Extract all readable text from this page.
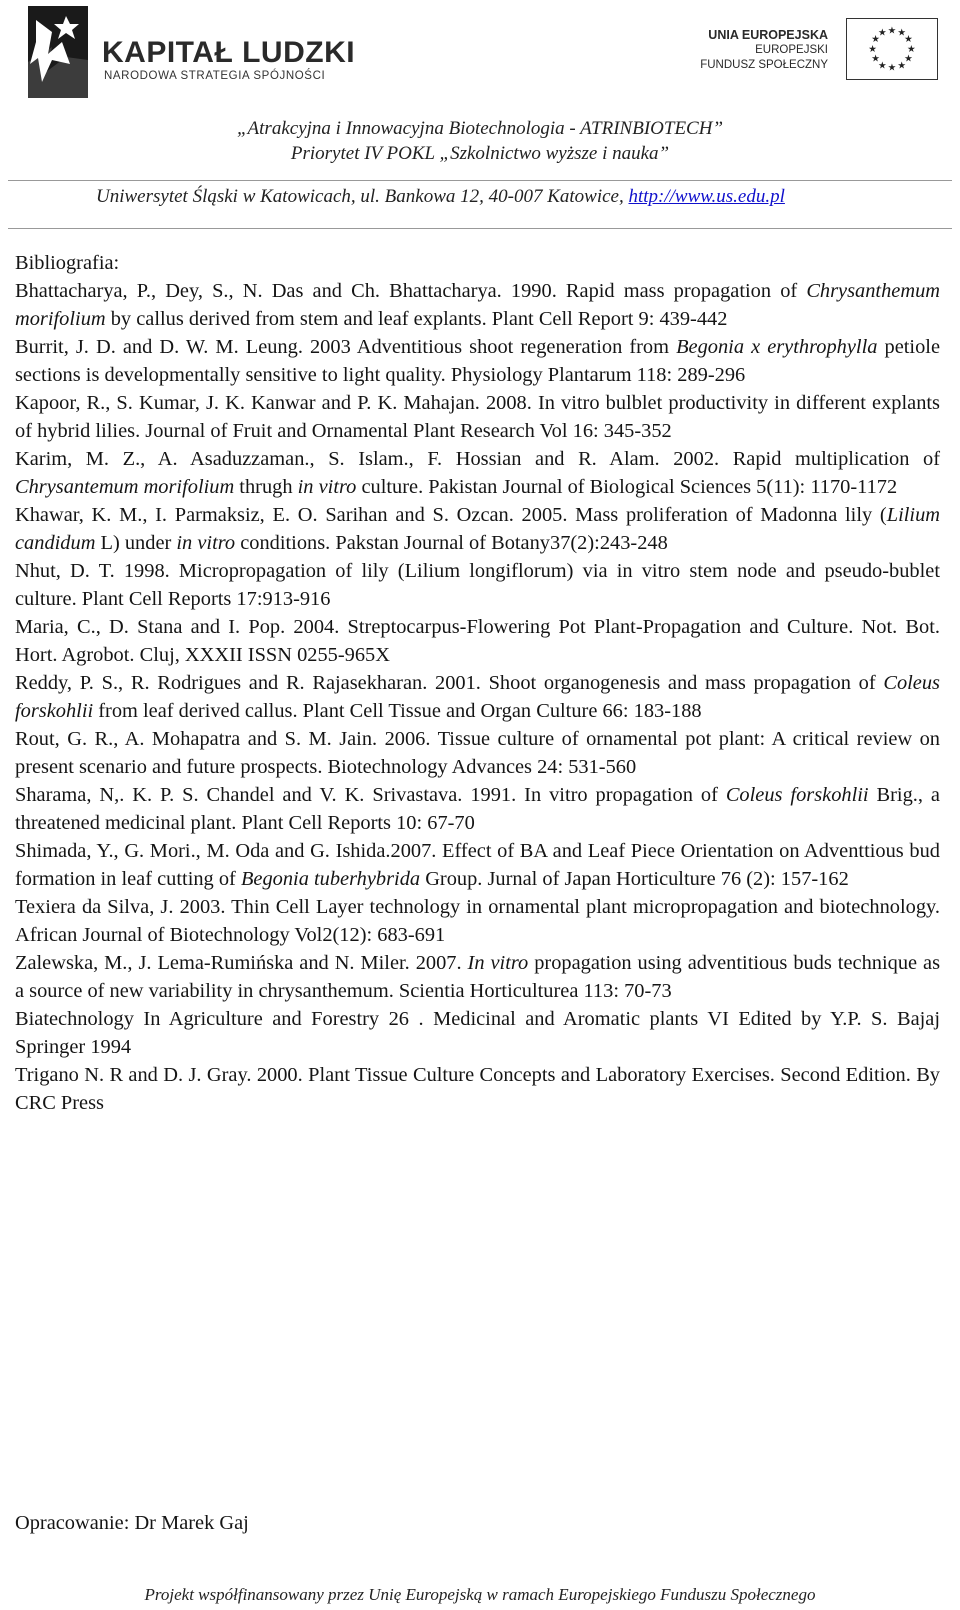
KAPITAŁ LUDZKI
NARODOWA STRATEGIA SPÓJNOŚCI
UNIA EUROPEJSKA
EUROPEJSKI
FUNDUSZ SPOŁECZNY
★ ★
★
★
★
★
★
★
★
★
★
★
„Atrakcyjna i Innowacyjna Biotechnologia - ATRINBIOTECH”
Priorytet IV POKL „Szkolnictwo wyższe i nauka”
Uniwersytet Śląski w Katowicach, ul. Bankowa 12, 40-007 Katowice, http://www.us.edu.pl
Bibliografia:

Bhattacharya, P., Dey, S., N. Das and Ch. Bhattacharya. 1990. Rapid mass propagation of Chrysanthemum morifolium by callus derived from stem and leaf explants. Plant Cell Report 9: 439-442

Burrit, J. D. and D. W. M. Leung. 2003 Adventitious shoot regeneration from Begonia x erythrophylla petiole sections is developmentally sensitive to light quality. Physiology Plantarum 118: 289-296

Kapoor, R., S. Kumar, J. K. Kanwar and P. K. Mahajan. 2008. In vitro bulblet productivity in different explants of hybrid lilies. Journal of Fruit and Ornamental Plant Research Vol 16: 345-352

Karim, M. Z., A. Asaduzzaman., S. Islam., F. Hossian and R. Alam. 2002. Rapid multiplication of Chrysantemum morifolium thrugh in vitro culture. Pakistan Journal of Biological Sciences 5(11): 1170-1172

Khawar, K. M., I. Parmaksiz, E. O. Sarihan and S. Ozcan. 2005. Mass proliferation of Madonna lily (Lilium candidum L) under in vitro conditions. Pakstan Journal of Botany37(2):243-248

Nhut, D. T. 1998. Micropropagation of lily (Lilium longiflorum) via in vitro stem node and pseudo-bublet culture. Plant Cell Reports 17:913-916

Maria, C., D. Stana and I. Pop. 2004. Streptocarpus-Flowering Pot Plant-Propagation and Culture. Not. Bot. Hort. Agrobot. Cluj, XXXII ISSN 0255-965X

Reddy, P. S., R. Rodrigues and R. Rajasekharan. 2001. Shoot organogenesis and mass propagation of Coleus forskohlii from leaf derived callus. Plant Cell Tissue and Organ Culture 66: 183-188

Rout, G. R., A. Mohapatra and S. M. Jain. 2006. Tissue culture of ornamental pot plant: A critical review on present scenario and future prospects. Biotechnology Advances 24: 531-560

Sharama, N,. K. P. S. Chandel and V. K. Srivastava. 1991. In vitro propagation of Coleus forskohlii Brig., a threatened medicinal plant. Plant Cell Reports 10: 67-70

Shimada, Y., G. Mori., M. Oda and G. Ishida.2007. Effect of BA and Leaf Piece Orientation on Adventtious bud formation in leaf cutting of Begonia tuberhybrida Group. Jurnal of Japan Horticulture 76 (2): 157-162

Texiera da Silva, J. 2003. Thin Cell Layer technology in ornamental plant micropropagation and biotechnology. African Journal of Biotechnology Vol2(12): 683-691

Zalewska, M., J. Lema-Rumińska and N. Miler. 2007. In vitro propagation using adventitious buds technique as a source of new variability in chrysanthemum. Scientia Horticulturea 113: 70-73

Biatechnology In Agriculture and Forestry 26 . Medicinal and Aromatic plants VI Edited by Y.P. S. Bajaj Springer 1994

Trigano N. R and D. J. Gray. 2000. Plant Tissue Culture Concepts and Laboratory Exercises. Second Edition. By CRC Press

Opracowanie: Dr Marek Gaj
Projekt współfinansowany przez Unię Europejską w ramach Europejskiego Funduszu Społecznego
